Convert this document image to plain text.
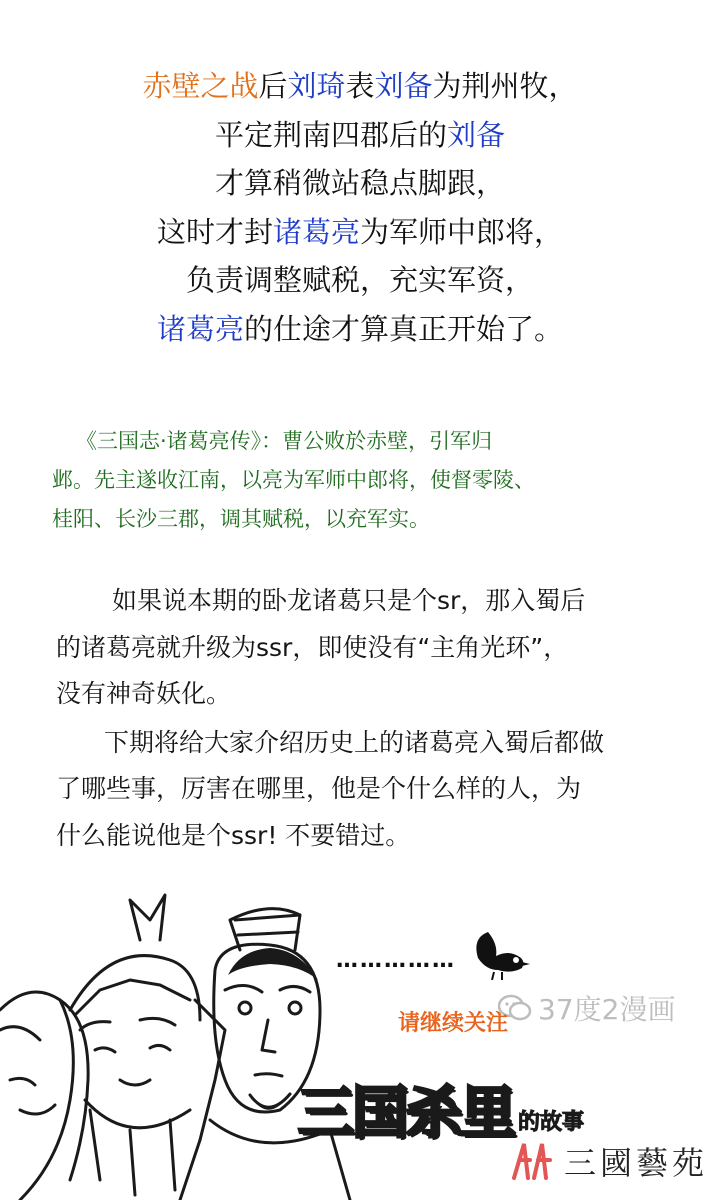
赤壁之战后刘琦表刘备为荆州牧，
平定荆南四郡后的刘备
才算稍微站稳点脚跟，
这时才封诸葛亮为军师中郎将，
负责调整赋税，充实军资，
诸葛亮的仕途才算真正开始了。

《三国志·诸葛亮传》：曹公败於赤壁，引军归

邺。先主遂收江南，以亮为军师中郎将，使督零陵、

桂阳、长沙三郡，调其赋税，以充军实。

如果说本期的卧龙诸葛只是个sr，那入蜀后

的诸葛亮就升级为ssr，即使没有“主角光环”，

没有神奇妖化。

下期将给大家介绍历史上的诸葛亮入蜀后都做

了哪些事，厉害在哪里，他是个什么样的人，为

什么能说他是个ssr! 不要错过。

……………
37度2漫画
请继续关注
三国杀里 的故事
三國藝苑
